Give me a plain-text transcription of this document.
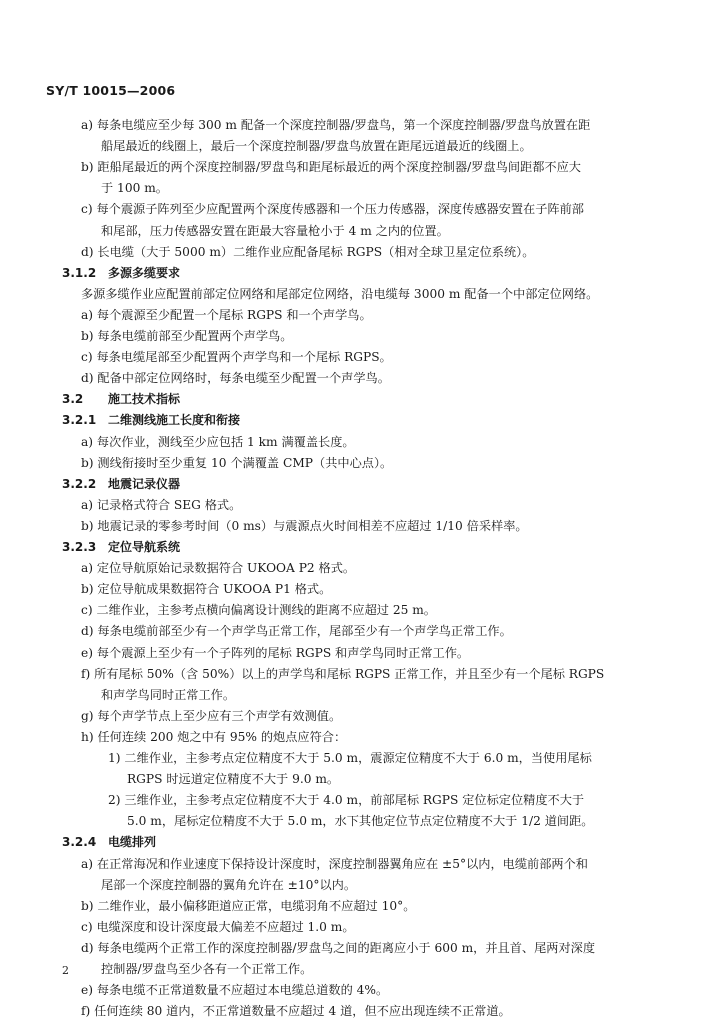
SY/T 10015—2006
a) 每条电缆应至少每 300 m 配备一个深度控制器/罗盘鸟，第一个深度控制器/罗盘鸟放置在距
船尾最近的线圈上，最后一个深度控制器/罗盘鸟放置在距尾远道最近的线圈上。
b) 距船尾最近的两个深度控制器/罗盘鸟和距尾标最近的两个深度控制器/罗盘鸟间距都不应大
于 100 m。
c) 每个震源子阵列至少应配置两个深度传感器和一个压力传感器，深度传感器安置在子阵前部
和尾部，压力传感器安置在距最大容量枪小于 4 m 之内的位置。
d) 长电缆（大于 5000 m）二维作业应配备尾标 RGPS（相对全球卫星定位系统）。
3.1.2 多源多缆要求
多源多缆作业应配置前部定位网络和尾部定位网络，沿电缆每 3000 m 配备一个中部定位网络。
a) 每个震源至少配置一个尾标 RGPS 和一个声学鸟。
b) 每条电缆前部至少配置两个声学鸟。
c) 每条电缆尾部至少配置两个声学鸟和一个尾标 RGPS。
d) 配备中部定位网络时，每条电缆至少配置一个声学鸟。
3.2 施工技术指标
3.2.1 二维测线施工长度和衔接
a) 每次作业，测线至少应包括 1 km 满覆盖长度。
b) 测线衔接时至少重复 10 个满覆盖 CMP（共中心点）。
3.2.2 地震记录仪器
a) 记录格式符合 SEG 格式。
b) 地震记录的零参考时间（0 ms）与震源点火时间相差不应超过 1/10 倍采样率。
3.2.3 定位导航系统
a) 定位导航原始记录数据符合 UKOOA P2 格式。
b) 定位导航成果数据符合 UKOOA P1 格式。
c) 二维作业，主参考点横向偏离设计测线的距离不应超过 25 m。
d) 每条电缆前部至少有一个声学鸟正常工作，尾部至少有一个声学鸟正常工作。
e) 每个震源上至少有一个子阵列的尾标 RGPS 和声学鸟同时正常工作。
f) 所有尾标 50%（含 50%）以上的声学鸟和尾标 RGPS 正常工作，并且至少有一个尾标 RGPS
和声学鸟同时正常工作。
g) 每个声学节点上至少应有三个声学有效测值。
h) 任何连续 200 炮之中有 95% 的炮点应符合：
1) 二维作业，主参考点定位精度不大于 5.0 m，震源定位精度不大于 6.0 m，当使用尾标
RGPS 时远道定位精度不大于 9.0 m。
2) 三维作业，主参考点定位精度不大于 4.0 m，前部尾标 RGPS 定位标定位精度不大于
5.0 m，尾标定位精度不大于 5.0 m，水下其他定位节点定位精度不大于 1/2 道间距。
3.2.4 电缆排列
a) 在正常海况和作业速度下保持设计深度时，深度控制器翼角应在 ±5°以内，电缆前部两个和
尾部一个深度控制器的翼角允许在 ±10°以内。
b) 二维作业，最小偏移距道应正常，电缆羽角不应超过 10°。
c) 电缆深度和设计深度最大偏差不应超过 1.0 m。
d) 每条电缆两个正常工作的深度控制器/罗盘鸟之间的距离应小于 600 m，并且首、尾两对深度
控制器/罗盘鸟至少各有一个正常工作。
e) 每条电缆不正常道数量不应超过本电缆总道数的 4%。
f) 任何连续 80 道内，不正常道数量不应超过 4 道，但不应出现连续不正常道。
2
